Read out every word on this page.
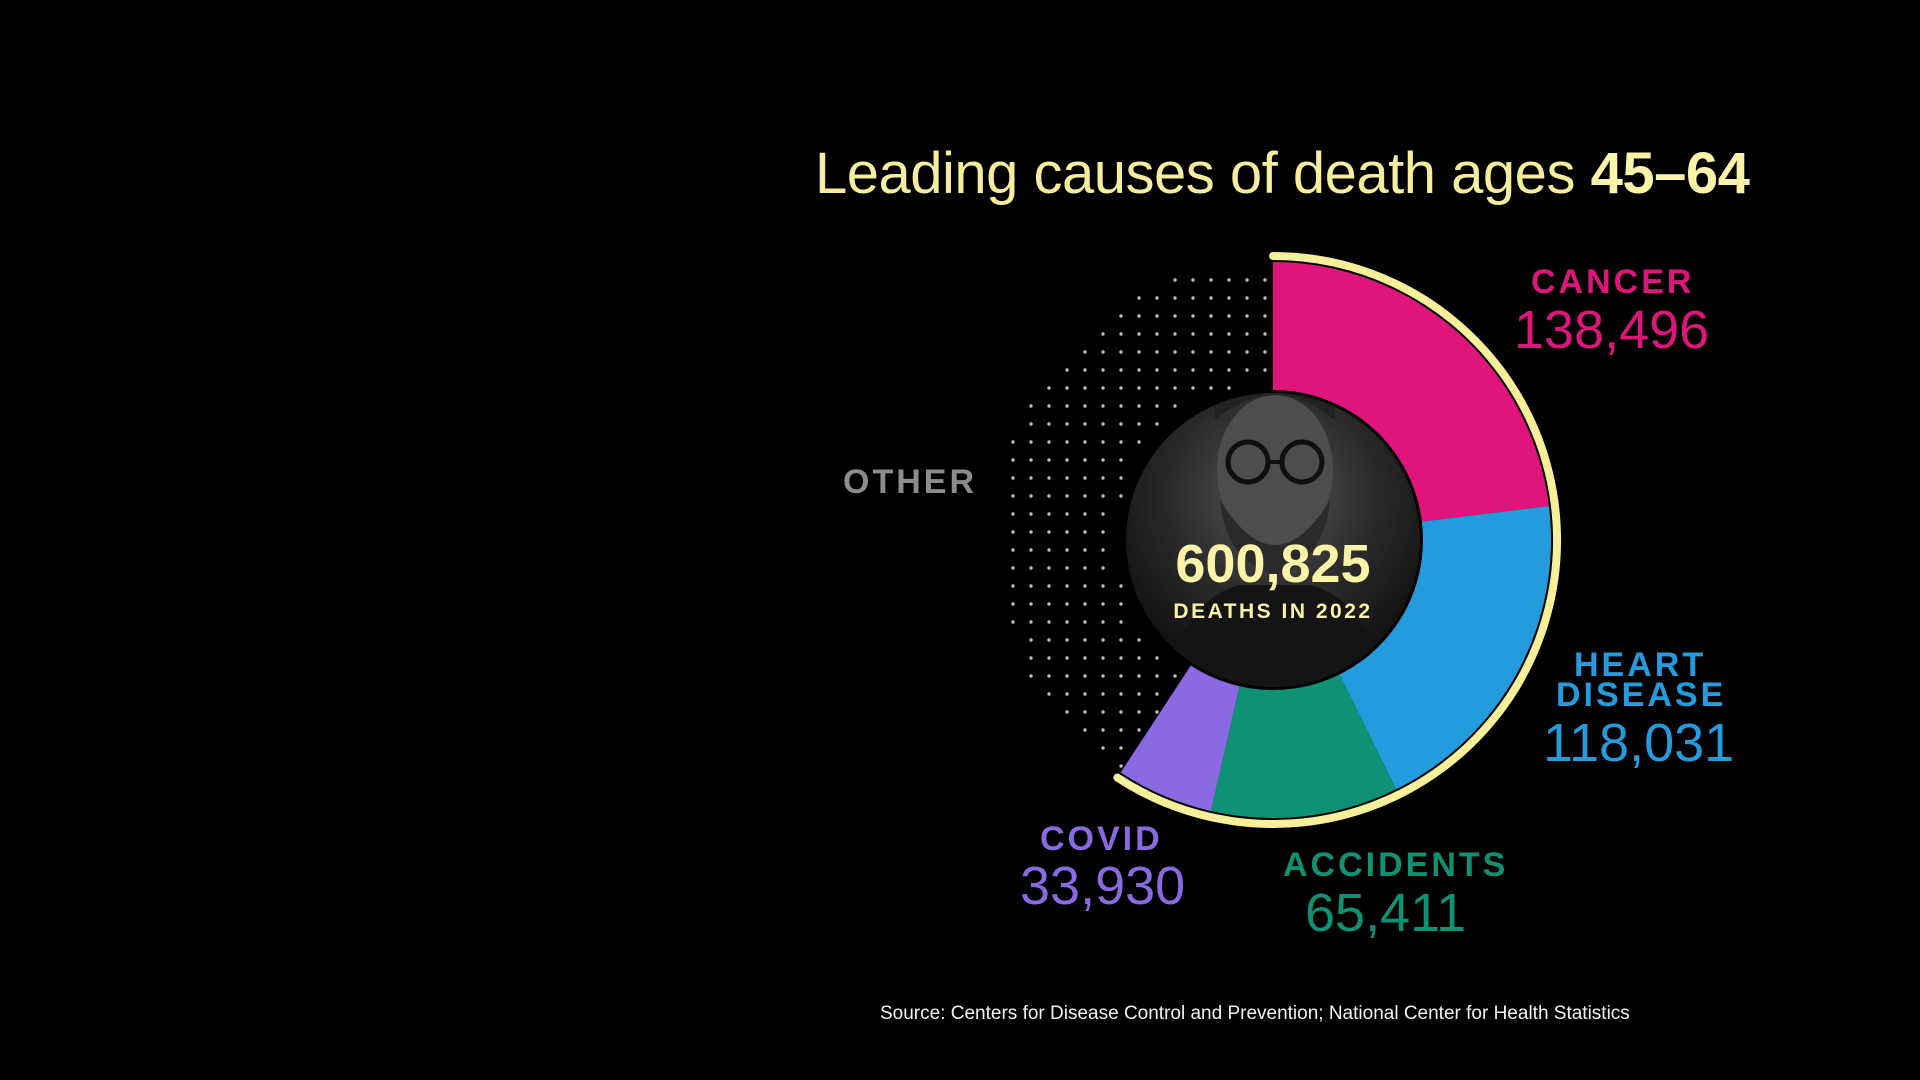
Leading causes of death ages 45–64
CANCER
138,496
HEART
DISEASE
118,031
ACCIDENTS
65,411
COVID
33,930
OTHER
600,825
DEATHS IN 2022
Source: Centers for Disease Control and Prevention; National Center for Health Statistics
